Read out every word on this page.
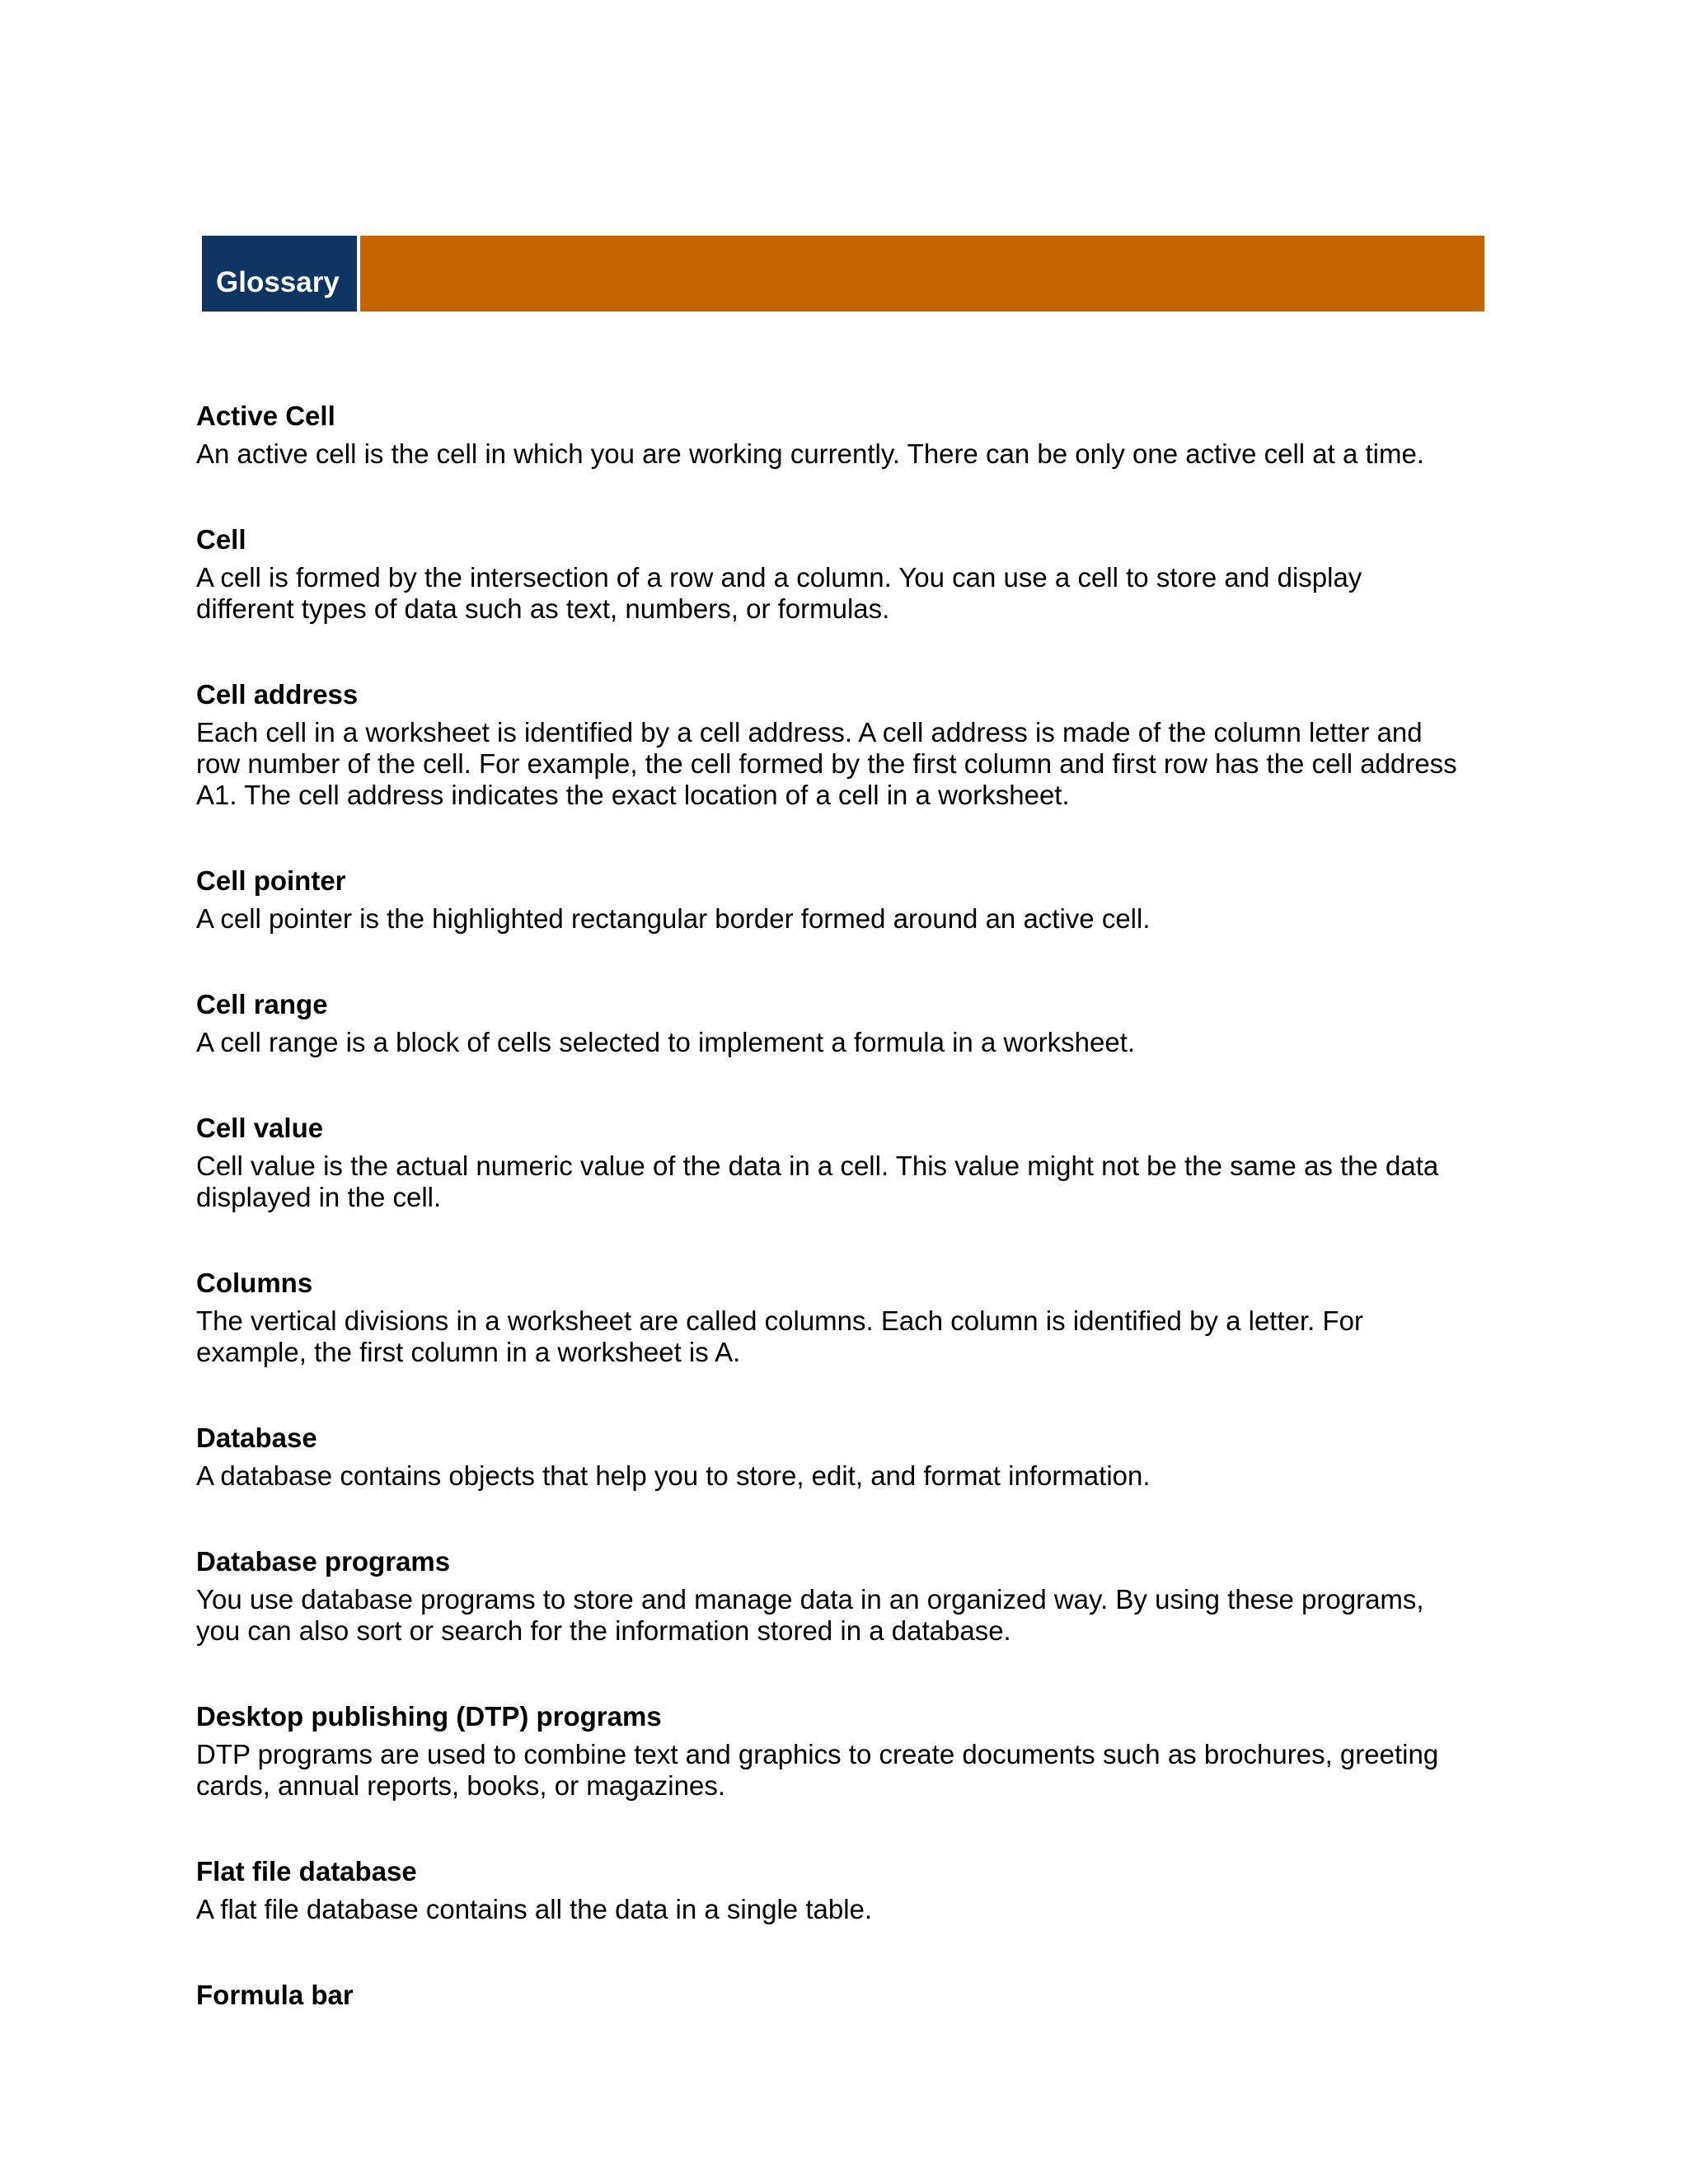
Glossary

Active Cell

An active cell is the cell in which you are working currently. There can be only one active cell at a time.

Cell

A cell is formed by the intersection of a row and a column. You can use a cell to store and display
different types of data such as text, numbers, or formulas.

Cell address

Each cell in a worksheet is identified by a cell address. A cell address is made of the column letter and
row number of the cell. For example, the cell formed by the first column and first row has the cell address
A1. The cell address indicates the exact location of a cell in a worksheet.

Cell pointer

A cell pointer is the highlighted rectangular border formed around an active cell.

Cell range

A cell range is a block of cells selected to implement a formula in a worksheet.

Cell value

Cell value is the actual numeric value of the data in a cell. This value might not be the same as the data
displayed in the cell.

Columns

The vertical divisions in a worksheet are called columns. Each column is identified by a letter. For
example, the first column in a worksheet is A.

Database

A database contains objects that help you to store, edit, and format information.

Database programs

You use database programs to store and manage data in an organized way. By using these programs,
you can also sort or search for the information stored in a database.

Desktop publishing (DTP) programs

DTP programs are used to combine text and graphics to create documents such as brochures, greeting
cards, annual reports, books, or magazines.

Flat file database

A flat file database contains all the data in a single table.

Formula bar
